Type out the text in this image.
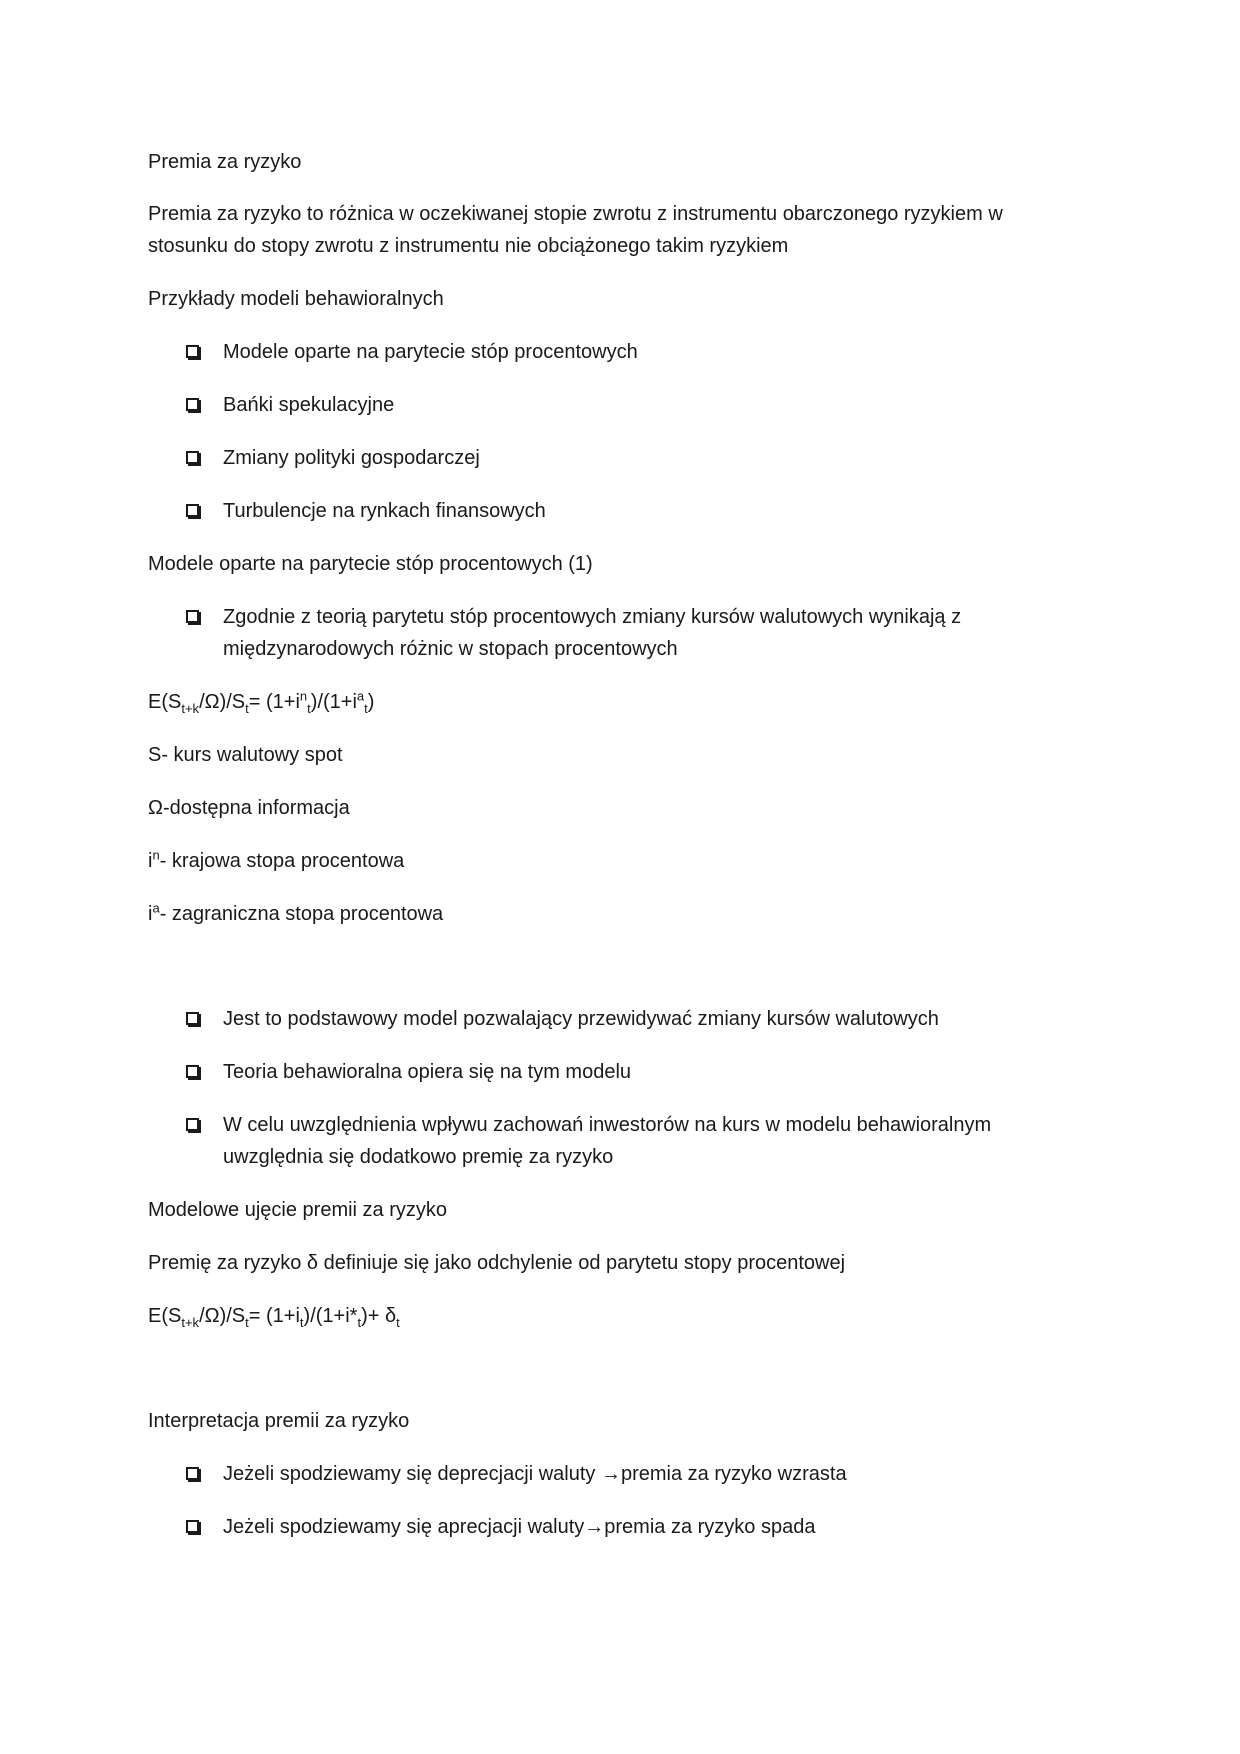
Premia za ryzyko
Premia za ryzyko to różnica w oczekiwanej stopie zwrotu z instrumentu obarczonego ryzykiem w stosunku do stopy zwrotu z instrumentu nie obciążonego takim ryzykiem
Przykłady modeli behawioralnych
Modele oparte na parytecie stóp procentowych
Bańki spekulacyjne
Zmiany polityki gospodarczej
Turbulencje na rynkach finansowych
Modele oparte na parytecie stóp procentowych (1)
Zgodnie z teorią parytetu stóp procentowych zmiany kursów walutowych wynikają z międzynarodowych różnic w stopach procentowych
$E(S_{t+k}/\Omega)/S_t= (1+i^n_t)/(1+i^a_t)$
S- kurs walutowy spot
Ω-dostępna informacja
$i^n-$ krajowa stopa procentowa
$i^a-$ zagraniczna stopa procentowa
Jest to podstawowy model pozwalający przewidywać zmiany kursów walutowych
Teoria behawioralna opiera się na tym modelu
W celu uwzględnienia wpływu zachowań inwestorów na kurs w modelu behawioralnym uwzględnia się dodatkowo premię za ryzyko
Modelowe ujęcie premii za ryzyko
Premię za ryzyko δ definiuje się jako odchylenie od parytetu stopy procentowej
$E(S_{t+k}/\Omega)/S_t= (1+i_t)/(1+i*_t)+ \delta_t$
Interpretacja premii za ryzyko
Jeżeli spodziewamy się deprecjacji waluty →premia za ryzyko wzrasta
Jeżeli spodziewamy się aprecjacji waluty→premia za ryzyko spada
